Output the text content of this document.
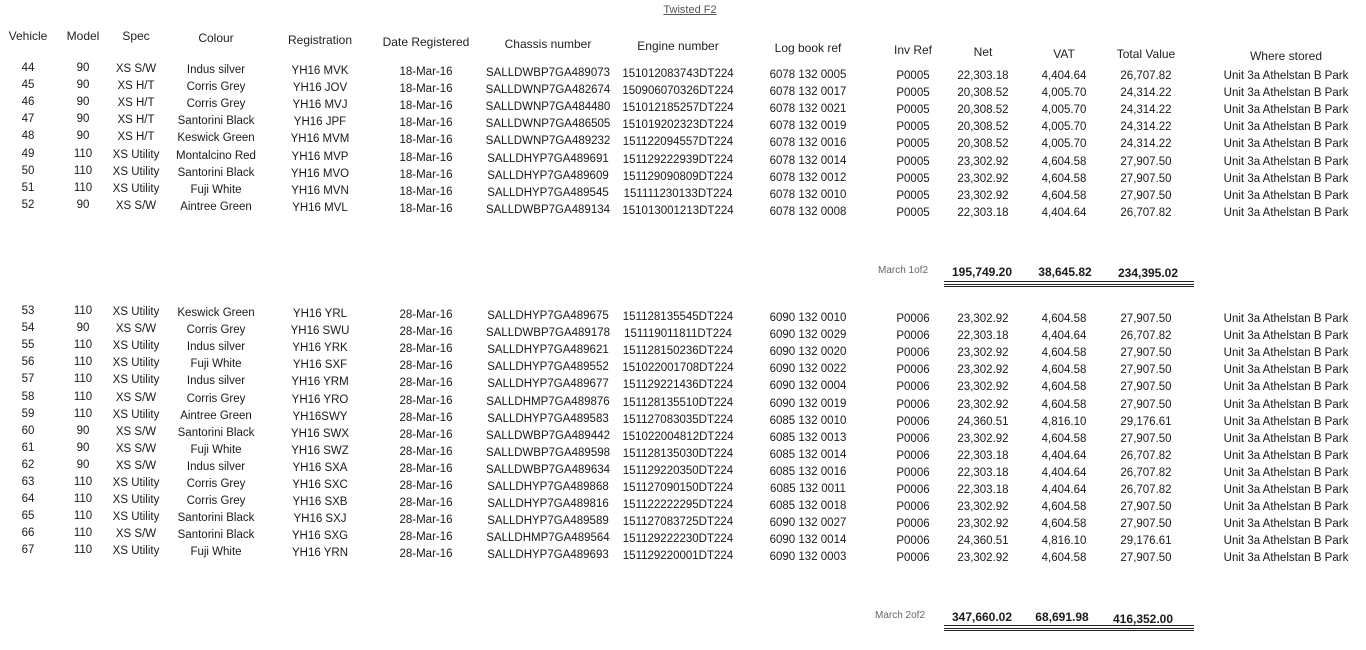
Twisted F2
Vehicle	Model	Spec	Colour	Registration	Date Registered	Chassis number	Engine number	Log book ref	Inv Ref	Net	VAT	Total Value	Where stored
44	90	XS S/W	Indus silver	YH16 MVK	18-Mar-16	SALLDWBP7GA489073	151012083743DT224	6078 132 0005	P0005	22,303.18	4,404.64	26,707.82	Unit 3a Athelstan B Park
45	90	XS H/T	Corris Grey	YH16 JOV	18-Mar-16	SALLDWNP7GA482674	150906070326DT224	6078 132 0017	P0005	20,308.52	4,005.70	24,314.22	Unit 3a Athelstan B Park
46	90	XS H/T	Corris Grey	YH16 MVJ	18-Mar-16	SALLDWNP7GA484480	151012185257DT224	6078 132 0021	P0005	20,308.52	4,005.70	24,314.22	Unit 3a Athelstan B Park
47	90	XS H/T	Santorini Black	YH16 JPF	18-Mar-16	SALLDWNP7GA486505	151019202323DT224	6078 132 0019	P0005	20,308.52	4,005.70	24,314.22	Unit 3a Athelstan B Park
48	90	XS H/T	Keswick Green	YH16 MVM	18-Mar-16	SALLDWNP7GA489232	151122094557DT224	6078 132 0016	P0005	20,308.52	4,005.70	24,314.22	Unit 3a Athelstan B Park
49	110	XS Utility	Montalcino Red	YH16 MVP	18-Mar-16	SALLDHYP7GA489691	151129222939DT224	6078 132 0014	P0005	23,302.92	4,604.58	27,907.50	Unit 3a Athelstan B Park
50	110	XS Utility	Santorini Black	YH16 MVO	18-Mar-16	SALLDHYP7GA489609	151129090809DT224	6078 132 0012	P0005	23,302.92	4,604.58	27,907.50	Unit 3a Athelstan B Park
51	110	XS Utility	Fuji White	YH16 MVN	18-Mar-16	SALLDHYP7GA489545	151111230133DT224	6078 132 0010	P0005	23,302.92	4,604.58	27,907.50	Unit 3a Athelstan B Park
52	90	XS S/W	Aintree Green	YH16 MVL	18-Mar-16	SALLDWBP7GA489134	151013001213DT224	6078 132 0008	P0005	22,303.18	4,404.64	26,707.82	Unit 3a Athelstan B Park
53	110	XS Utility	Keswick Green	YH16 YRL	28-Mar-16	SALLDHYP7GA489675	151128135545DT224	6090 132 0010	P0006	23,302.92	4,604.58	27,907.50	Unit 3a Athelstan B Park
54	90	XS S/W	Corris Grey	YH16 SWU	28-Mar-16	SALLDWBP7GA489178	151119011811DT224	6090 132 0029	P0006	22,303.18	4,404.64	26,707.82	Unit 3a Athelstan B Park
55	110	XS Utility	Indus silver	YH16 YRK	28-Mar-16	SALLDHYP7GA489621	151128150236DT224	6090 132 0020	P0006	23,302.92	4,604.58	27,907.50	Unit 3a Athelstan B Park
56	110	XS Utility	Fuji White	YH16 SXF	28-Mar-16	SALLDHYP7GA489552	151022001708DT224	6090 132 0022	P0006	23,302.92	4,604.58	27,907.50	Unit 3a Athelstan B Park
57	110	XS Utility	Indus silver	YH16 YRM	28-Mar-16	SALLDHYP7GA489677	151129221436DT224	6090 132 0004	P0006	23,302.92	4,604.58	27,907.50	Unit 3a Athelstan B Park
58	110	XS S/W	Corris Grey	YH16 YRO	28-Mar-16	SALLDHMP7GA489876	151128135510DT224	6090 132 0019	P0006	23,302.92	4,604.58	27,907.50	Unit 3a Athelstan B Park
59	110	XS Utility	Aintree Green	YH16SWY	28-Mar-16	SALLDHYP7GA489583	151127083035DT224	6085 132 0010	P0006	24,360.51	4,816.10	29,176.61	Unit 3a Athelstan B Park
60	90	XS S/W	Santorini Black	YH16 SWX	28-Mar-16	SALLDWBP7GA489442	151022004812DT224	6085 132 0013	P0006	23,302.92	4,604.58	27,907.50	Unit 3a Athelstan B Park
61	90	XS S/W	Fuji White	YH16 SWZ	28-Mar-16	SALLDWBP7GA489598	151128135030DT224	6085 132 0014	P0006	22,303.18	4,404.64	26,707.82	Unit 3a Athelstan B Park
62	90	XS S/W	Indus silver	YH16 SXA	28-Mar-16	SALLDWBP7GA489634	151129220350DT224	6085 132 0016	P0006	22,303.18	4,404.64	26,707.82	Unit 3a Athelstan B Park
63	110	XS Utility	Corris Grey	YH16 SXC	28-Mar-16	SALLDHYP7GA489868	151127090150DT224	6085 132 0011	P0006	22,303.18	4,404.64	26,707.82	Unit 3a Athelstan B Park
64	110	XS Utility	Corris Grey	YH16 SXB	28-Mar-16	SALLDHYP7GA489816	151122222295DT224	6085 132 0018	P0006	23,302.92	4,604.58	27,907.50	Unit 3a Athelstan B Park
65	110	XS Utility	Santorini Black	YH16 SXJ	28-Mar-16	SALLDHYP7GA489589	151127083725DT224	6090 132 0027	P0006	23,302.92	4,604.58	27,907.50	Unit 3a Athelstan B Park
66	110	XS S/W	Santorini Black	YH16 SXG	28-Mar-16	SALLDHMP7GA489564	151129222230DT224	6090 132 0014	P0006	24,360.51	4,816.10	29,176.61	Unit 3a Athelstan B Park
67	110	XS Utility	Fuji White	YH16 YRN	28-Mar-16	SALLDHYP7GA489693	151129220001DT224	6090 132 0003	P0006	23,302.92	4,604.58	27,907.50	Unit 3a Athelstan B Park
March 1of2	195,749.20	38,645.82	234,395.02
March 2of2	347,660.02	68,691.98	416,352.00
